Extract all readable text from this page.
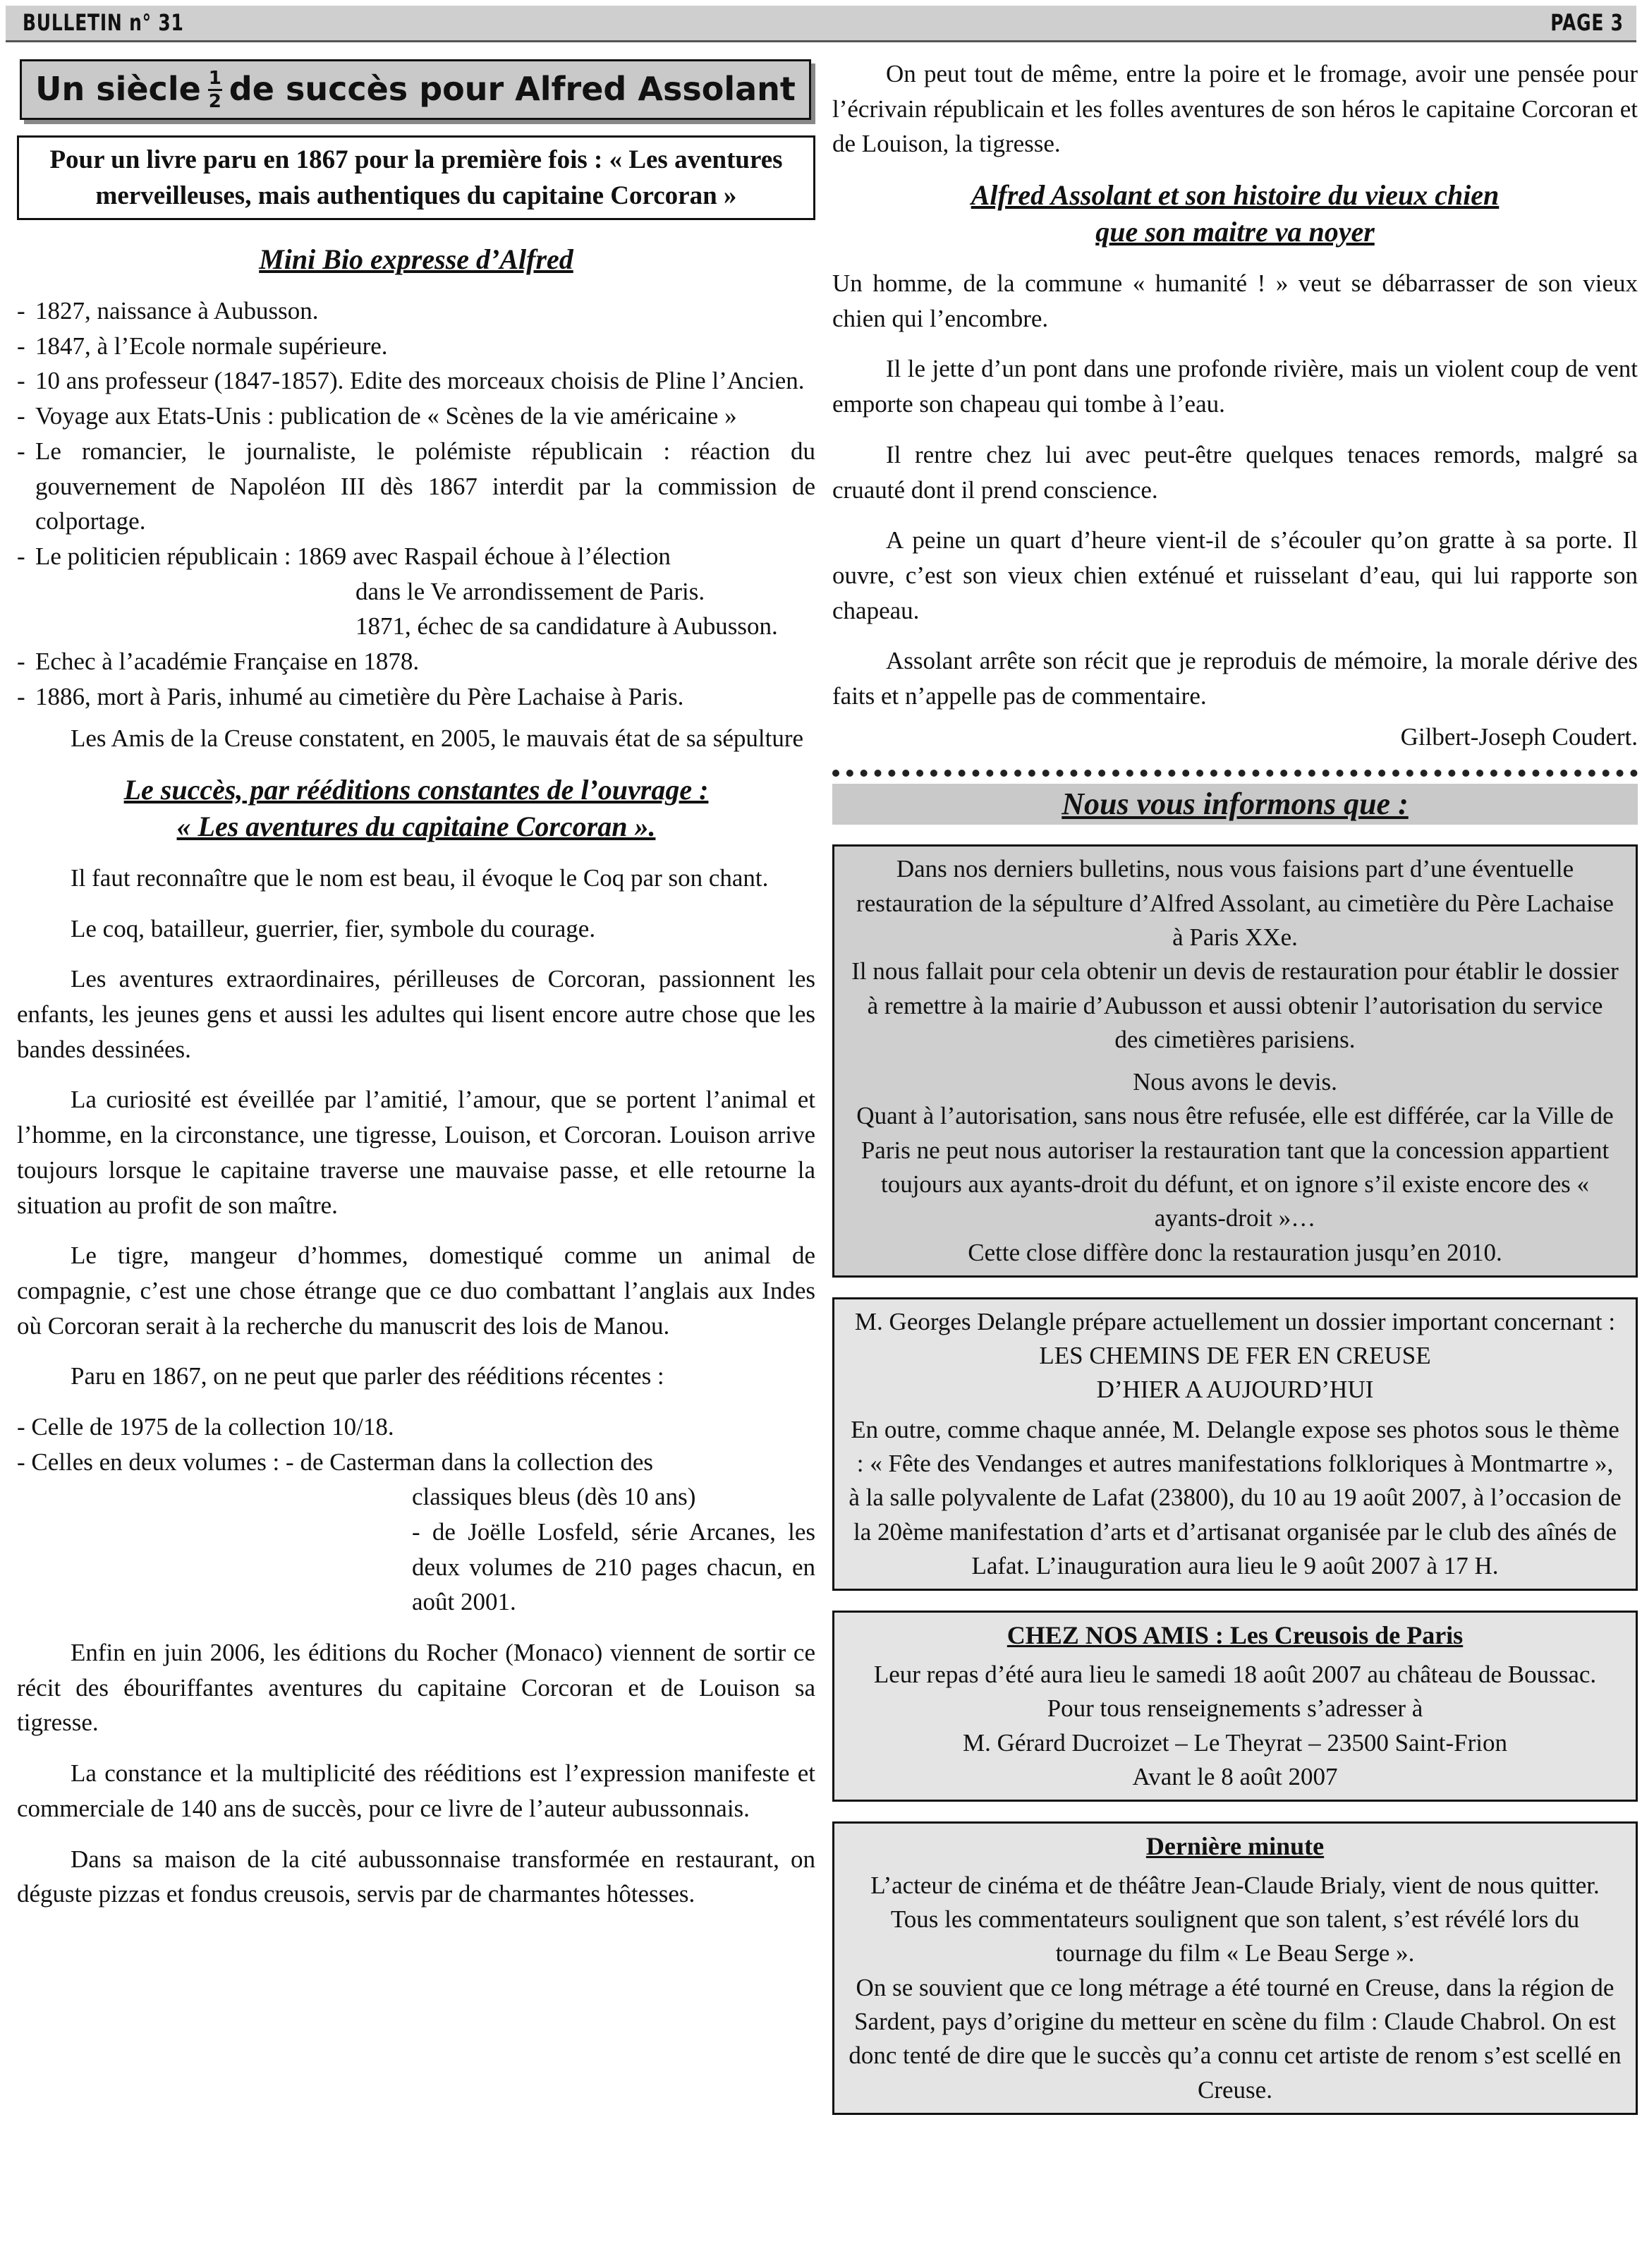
BULLETIN n° 31	PAGE 3
Un siècle $\frac{1}{2}$ de succès pour Alfred Assolant
Pour un livre paru en 1867 pour la première fois : « Les aventures merveilleuses, mais authentiques du capitaine Corcoran »
Mini Bio expresse d’Alfred
- 1827, naissance à Aubusson.
- 1847, à l’Ecole normale supérieure.
- 10 ans professeur (1847-1857). Edite des morceaux choisis de Pline l’Ancien.
- Voyage aux Etats-Unis : publication de « Scènes de la vie américaine »
- Le romancier, le journaliste, le polémiste républicain : réaction du gouvernement de Napoléon III dès 1867 interdit par la commission de colportage.
- Le politicien républicain : 1869 avec Raspail échoue à l’élection
dans le Ve arrondissement de Paris.
1871, échec de sa candidature à Aubusson.
- Echec à l’académie Française en 1878.
- 1886, mort à Paris, inhumé au cimetière du Père Lachaise à Paris.

Les Amis de la Creuse constatent, en 2005, le mauvais état de sa sépulture

Le succès, par rééditions constantes de l’ouvrage :
« Les aventures du capitaine Corcoran ».

Il faut reconnaître que le nom est beau, il évoque le Coq par son chant.

Le coq, batailleur, guerrier, fier, symbole du courage.

Les aventures extraordinaires, périlleuses de Corcoran, passionnent les enfants, les jeunes gens et aussi les adultes qui lisent encore autre chose que les bandes dessinées.

La curiosité est éveillée par l’amitié, l’amour, que se portent l’animal et l’homme, en la circonstance, une tigresse, Louison, et Corcoran. Louison arrive toujours lorsque le capitaine traverse une mauvaise passe, et elle retourne la situation au profit de son maître.

Le tigre, mangeur d’hommes, domestiqué comme un animal de compagnie, c’est une chose étrange que ce duo combattant l’anglais aux Indes où Corcoran serait à la recherche du manuscrit des lois de Manou.

Paru en 1867, on ne peut que parler des rééditions récentes :

- Celle de 1975 de la collection 10/18.
- Celles en deux volumes : - de Casterman dans la collection des
classiques bleus (dès 10 ans)
- de Joëlle Losfeld, série Arcanes, les deux volumes de 210 pages chacun, en août 2001.

Enfin en juin 2006, les éditions du Rocher (Monaco) viennent de sortir ce récit des ébouriffantes aventures du capitaine Corcoran et de Louison sa tigresse.

La constance et la multiplicité des rééditions est l’expression manifeste et commerciale de 140 ans de succès, pour ce livre de l’auteur aubussonnais.

Dans sa maison de la cité aubussonnaise transformée en restaurant, on déguste pizzas et fondus creusois, servis par de charmantes hôtesses.

On peut tout de même, entre la poire et le fromage, avoir une pensée pour l’écrivain républicain et les folles aventures de son héros le capitaine Corcoran et de Louison, la tigresse.

Alfred Assolant et son histoire du vieux chien
que son maitre va noyer

Un homme, de la commune « humanité ! » veut se débarrasser de son vieux chien qui l’encombre.

Il le jette d’un pont dans une profonde rivière, mais un violent coup de vent emporte son chapeau qui tombe à l’eau.

Il rentre chez lui avec peut-être quelques tenaces remords, malgré sa cruauté dont il prend conscience.

A peine un quart d’heure vient-il de s’écouler qu’on gratte à sa porte. Il ouvre, c’est son vieux chien exténué et ruisselant d’eau, qui lui rapporte son chapeau.

Assolant arrête son récit que je reproduis de mémoire, la morale dérive des faits et n’appelle pas de commentaire.

Gilbert-Joseph Coudert.

Nous vous informons que :
Dans nos derniers bulletins, nous vous faisions part d’une éventuelle restauration de la sépulture d’Alfred Assolant, au cimetière du Père Lachaise à Paris XXe.
Il nous fallait pour cela obtenir un devis de restauration pour établir le dossier à remettre à la mairie d’Aubusson et aussi obtenir l’autorisation du service des cimetières parisiens.
Nous avons le devis.
Quant à l’autorisation, sans nous être refusée, elle est différée, car la Ville de Paris ne peut nous autoriser la restauration tant que la concession appartient toujours aux ayants-droit du défunt, et on ignore s’il existe encore des « ayants-droit »…
Cette close diffère donc la restauration jusqu’en 2010.
M. Georges Delangle prépare actuellement un dossier important concernant :
LES CHEMINS DE FER EN CREUSE
D’HIER A AUJOURD’HUI
En outre, comme chaque année, M. Delangle expose ses photos sous le thème : « Fête des Vendanges et autres manifestations folkloriques à Montmartre », à la salle polyvalente de Lafat (23800), du 10 au 19 août 2007, à l’occasion de la 20ème manifestation d’arts et d’artisanat organisée par le club des aînés de Lafat. L’inauguration aura lieu le 9 août 2007 à 17 H.
CHEZ NOS AMIS : Les Creusois de Paris
Leur repas d’été aura lieu le samedi 18 août 2007 au château de Boussac. Pour tous renseignements s’adresser à
M. Gérard Ducroizet – Le Theyrat – 23500 Saint-Frion
Avant le 8 août 2007
Dernière minute
L’acteur de cinéma et de théâtre Jean-Claude Brialy, vient de nous quitter. Tous les commentateurs soulignent que son talent, s’est révélé lors du tournage du film « Le Beau Serge ».
On se souvient que ce long métrage a été tourné en Creuse, dans la région de Sardent, pays d’origine du metteur en scène du film : Claude Chabrol. On est donc tenté de dire que le succès qu’a connu cet artiste de renom s’est scellé en Creuse.
